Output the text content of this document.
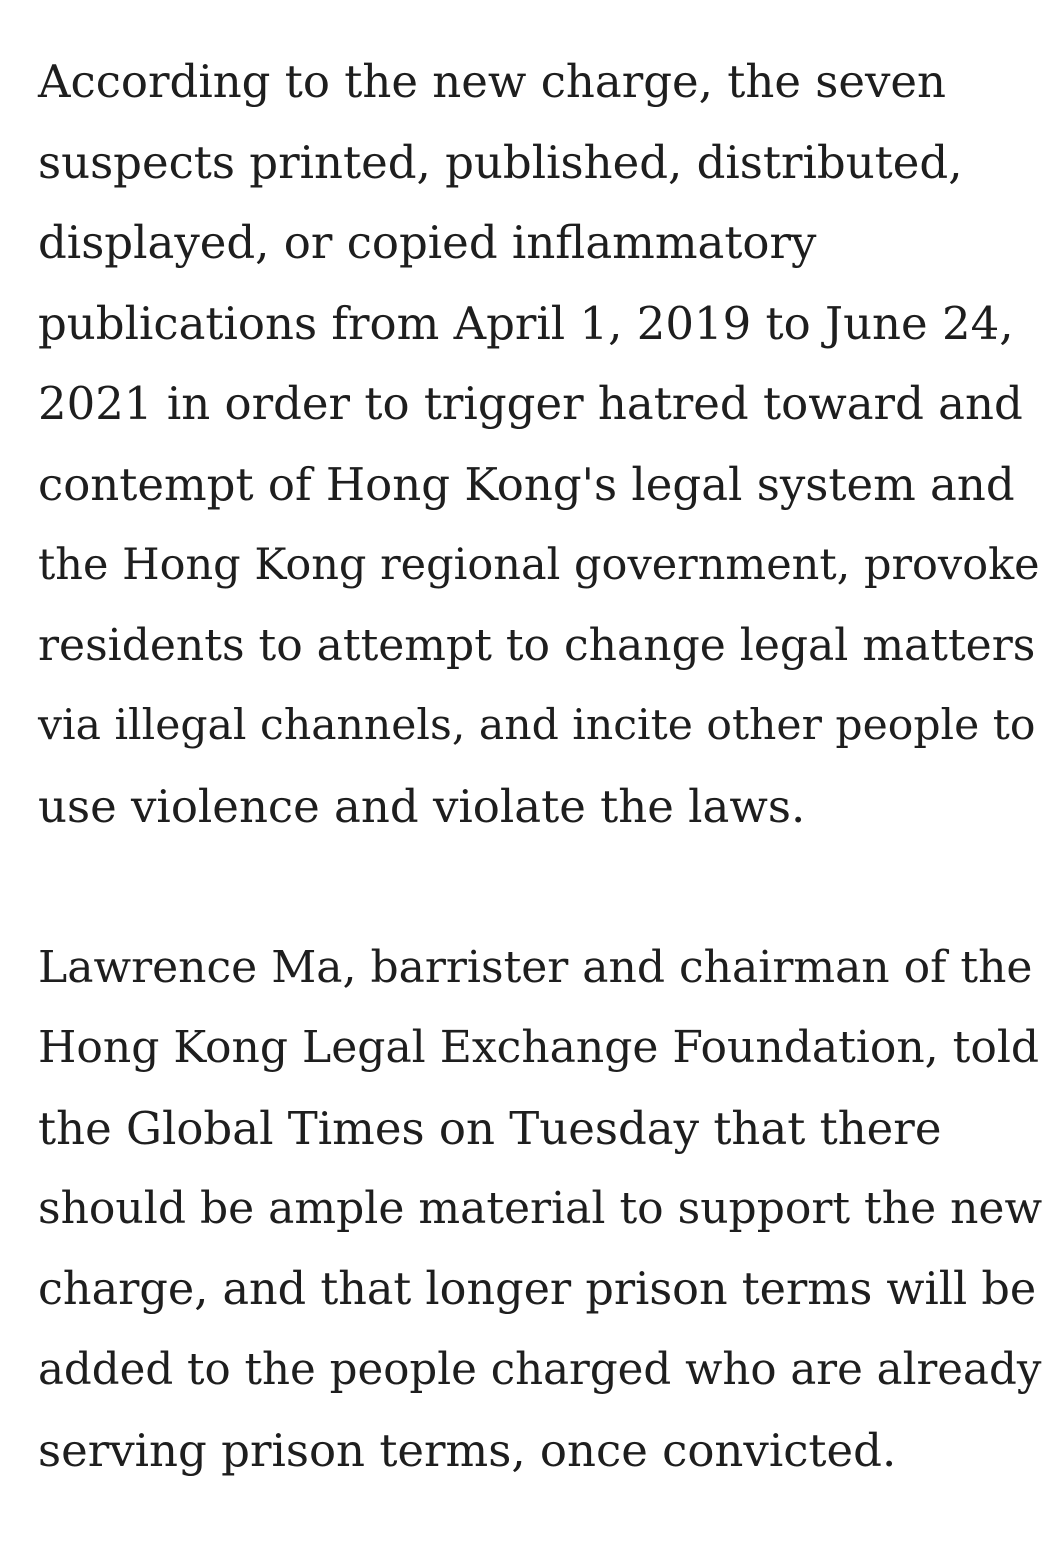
According to the new charge, the seven
suspects printed, published, distributed,
displayed, or copied inflammatory
publications from April 1, 2019 to June 24,
2021 in order to trigger hatred toward and
contempt of Hong Kong's legal system and
the Hong Kong regional government, provoke
residents to attempt to change legal matters
via illegal channels, and incite other people to
use violence and violate the laws.

Lawrence Ma, barrister and chairman of the
Hong Kong Legal Exchange Foundation, told
the Global Times on Tuesday that there
should be ample material to support the new
charge, and that longer prison terms will be
added to the people charged who are already
serving prison terms, once convicted.
